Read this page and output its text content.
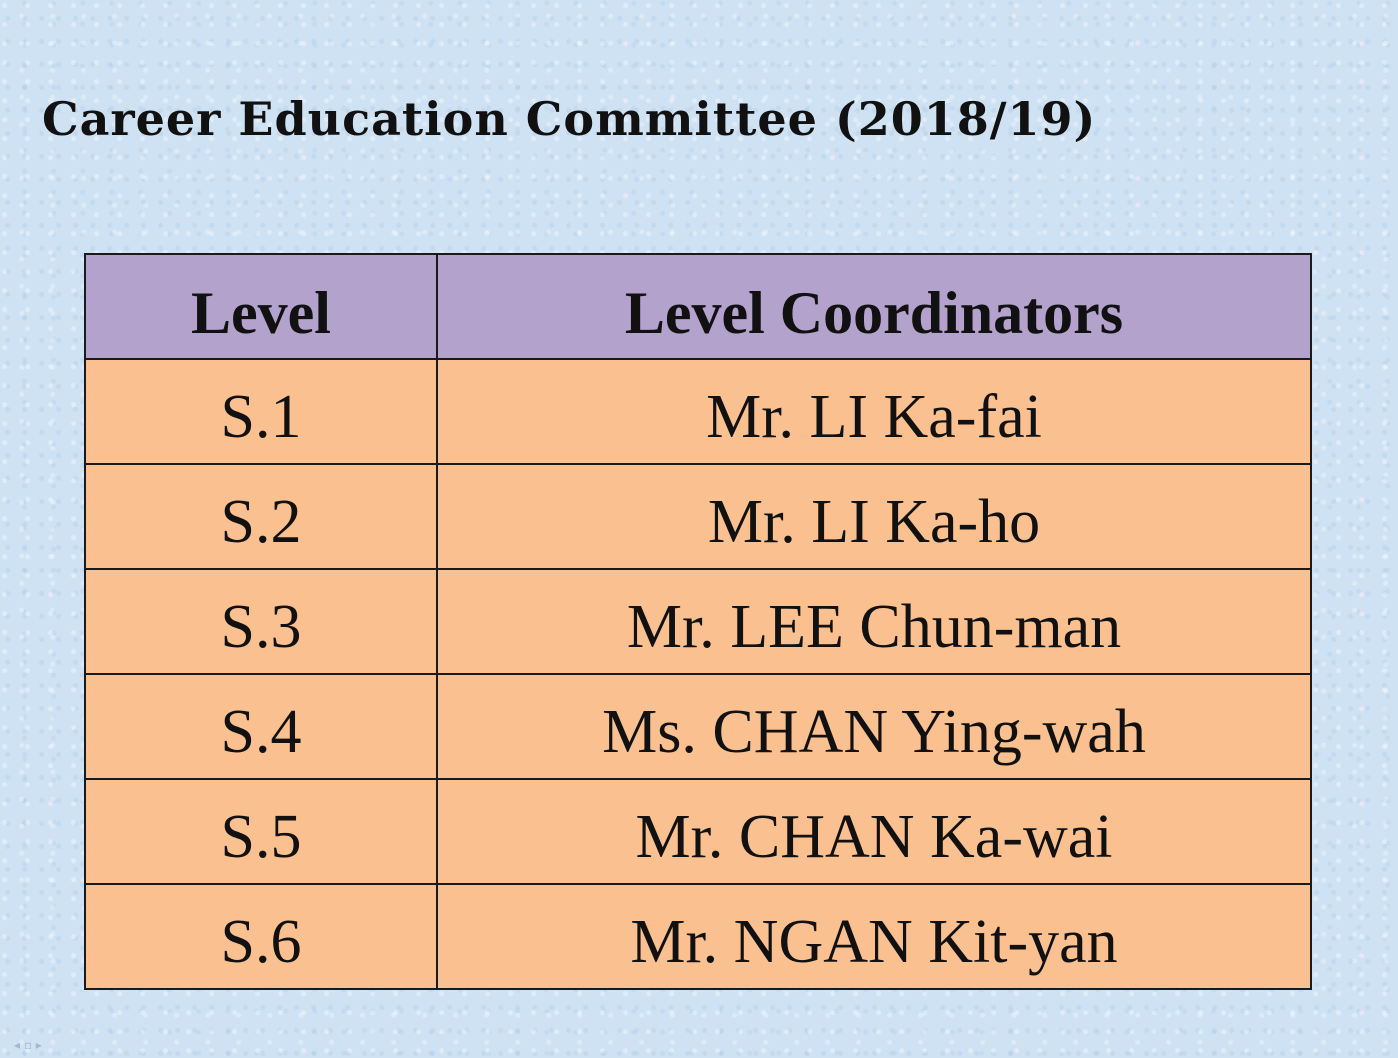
Career Education Committee (2018/19)
Level	Level Coordinators
S.1	Mr. LI Ka-fai
S.2	Mr. LI Ka-ho
S.3	Mr. LEE Chun-man
S.4	Ms. CHAN Ying-wah
S.5	Mr. CHAN Ka-wai
S.6	Mr. NGAN Kit-yan
◂ ▫ ▸
